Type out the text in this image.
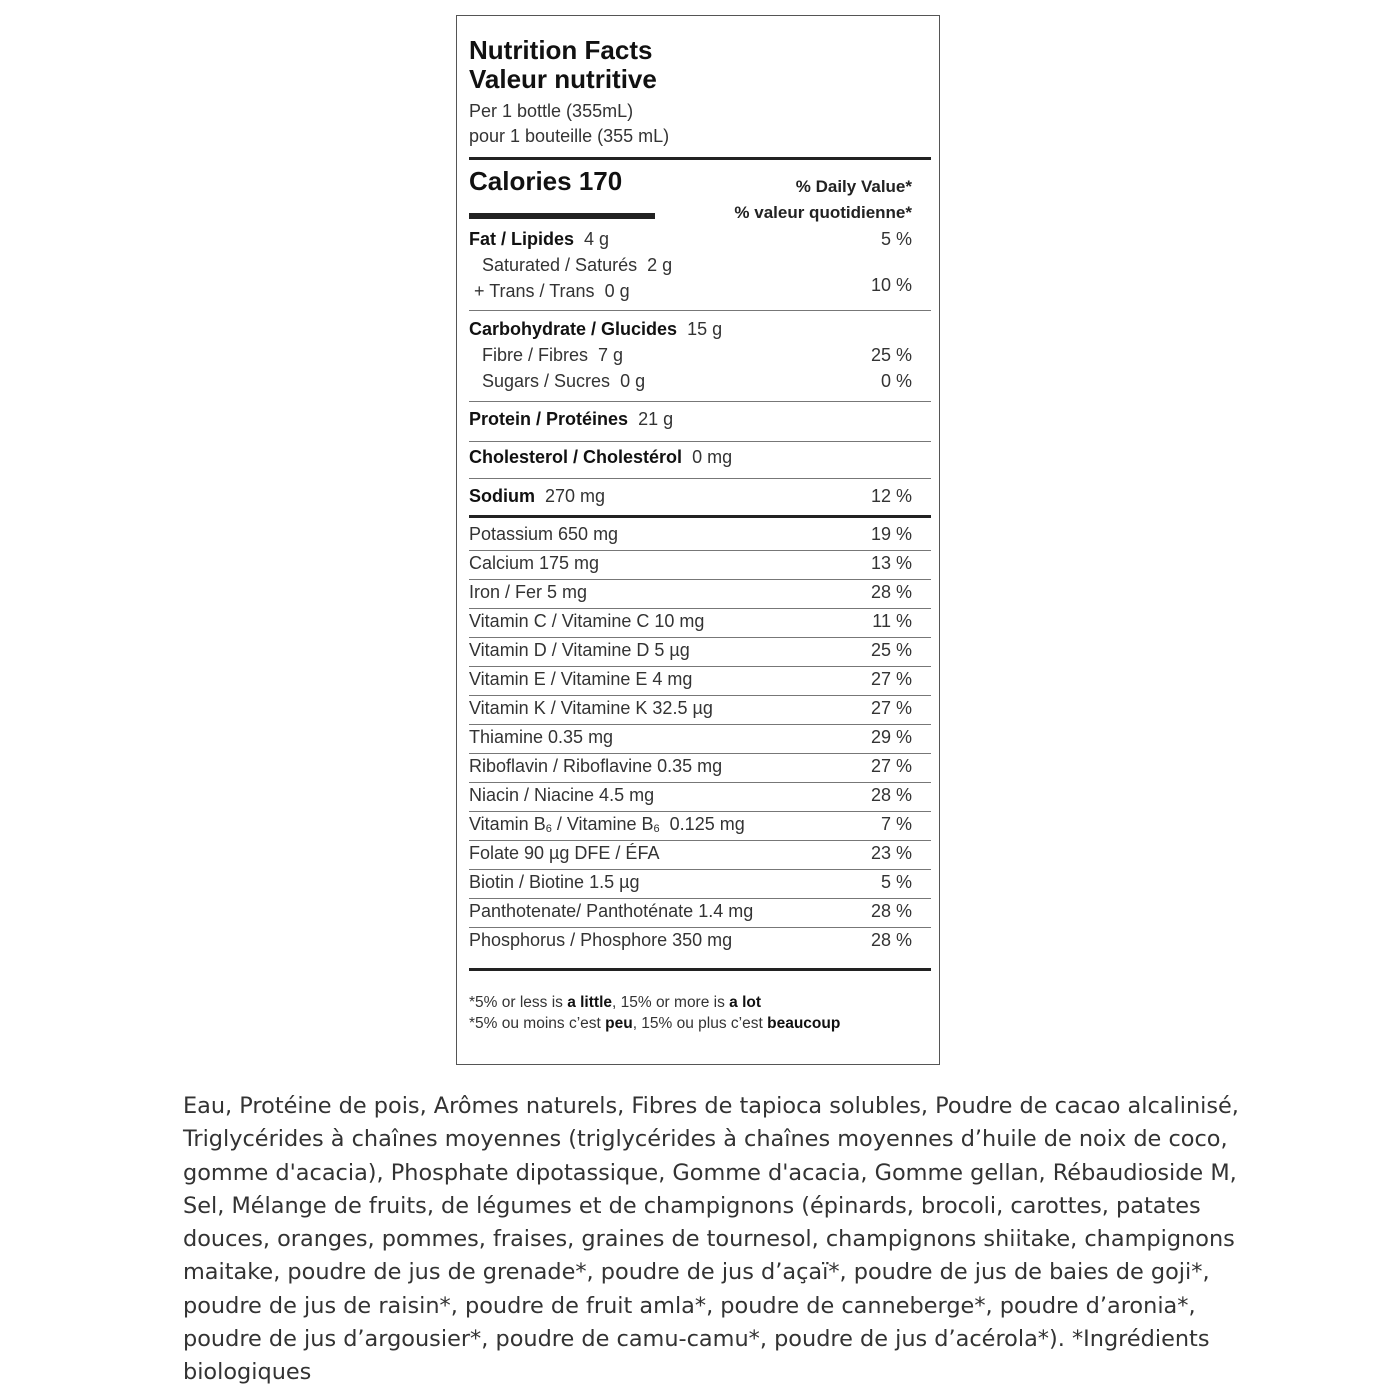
Nutrition Facts
Valeur nutritive
Per 1 bottle (355mL)
pour 1 bouteille (355 mL)
Calories 170	% Daily Value*
% valeur quotidienne*
Fat / Lipides 4 g	5 %
Saturated / Saturés 2 g
+ Trans / Trans 0 g	10 %
Carbohydrate / Glucides 15 g
Fibre / Fibres 7 g	25 %
Sugars / Sucres 0 g	0 %
Protein / Protéines 21 g
Cholesterol / Cholestérol 0 mg
Sodium 270 mg	12 %
Potassium 650 mg	19 %
Calcium 175 mg	13 %
Iron / Fer 5 mg	28 %
Vitamin C / Vitamine C 10 mg	11 %
Vitamin D / Vitamine D 5 µg	25 %
Vitamin E / Vitamine E 4 mg	27 %
Vitamin K / Vitamine K 32.5 µg	27 %
Thiamine 0.35 mg	29 %
Riboflavin / Riboflavine 0.35 mg	27 %
Niacin / Niacine 4.5 mg	28 %
Vitamin $B_6$ / Vitamine $B_6$  0.125 mg	7 %
Folate 90 µg DFE / ÉFA	23 %
Biotin / Biotine 1.5 µg	5 %
Panthotenate/ Panthoténate 1.4 mg	28 %
Phosphorus / Phosphore 350 mg	28 %
*5% or less is a little, 15% or more is a lot
*5% ou moins c’est peu, 15% ou plus c’est beaucoup

Eau, Protéine de pois, Arômes naturels, Fibres de tapioca solubles, Poudre de cacao alcalinisé, Triglycérides à chaînes moyennes (triglycérides à chaînes moyennes d’huile de noix de coco, gomme d'acacia), Phosphate dipotassique, Gomme d'acacia, Gomme gellan, Rébaudioside M, Sel, Mélange de fruits, de légumes et de champignons (épinards, brocoli, carottes, patates douces, oranges, pommes, fraises, graines de tournesol, champignons shiitake, champignons maitake, poudre de jus de grenade*, poudre de jus d’açaï*, poudre de jus de baies de goji*, poudre de jus de raisin*, poudre de fruit amla*, poudre de canneberge*, poudre d’aronia*, poudre de jus d’argousier*, poudre de camu-camu*, poudre de jus d’acérola*). *Ingrédients biologiques
